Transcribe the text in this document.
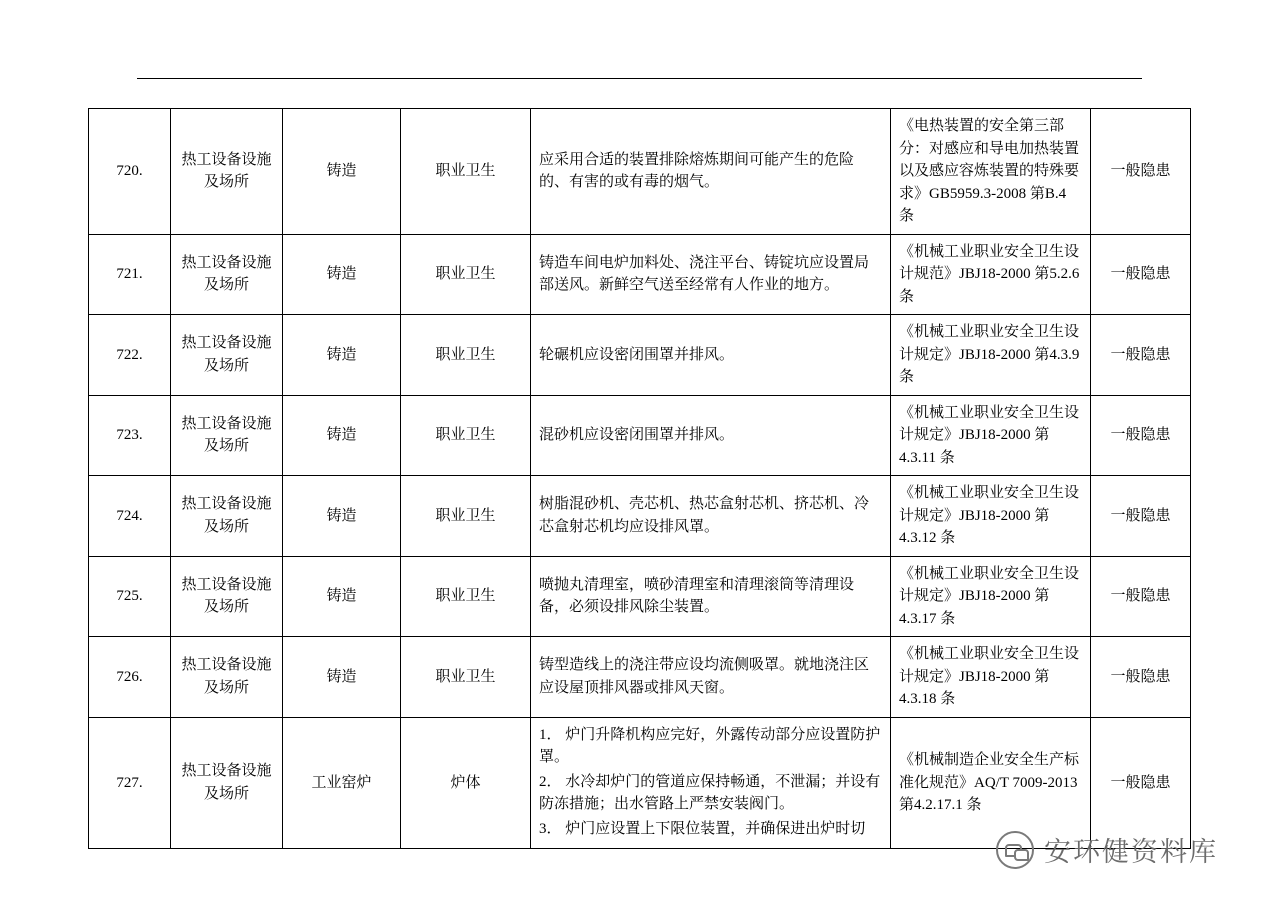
720.	热工设备设施及场所	铸造	职业卫生	应采用合适的装置排除熔炼期间可能产生的危险的、有害的或有毒的烟气。	《电热装置的安全第三部分：对感应和导电加热装置以及感应容炼装置的特殊要求》GB5959.3-2008 第B.4 条	一般隐患
721.	热工设备设施及场所	铸造	职业卫生	铸造车间电炉加料处、浇注平台、铸锭坑应设置局部送风。新鲜空气送至经常有人作业的地方。	《机械工业职业安全卫生设计规范》JBJ18-2000 第5.2.6 条	一般隐患
722.	热工设备设施及场所	铸造	职业卫生	轮碾机应设密闭围罩并排风。	《机械工业职业安全卫生设计规定》JBJ18-2000 第4.3.9 条	一般隐患
723.	热工设备设施及场所	铸造	职业卫生	混砂机应设密闭围罩并排风。	《机械工业职业安全卫生设计规定》JBJ18-2000 第4.3.11 条	一般隐患
724.	热工设备设施及场所	铸造	职业卫生	树脂混砂机、壳芯机、热芯盒射芯机、挤芯机、冷芯盒射芯机均应设排风罩。	《机械工业职业安全卫生设计规定》JBJ18-2000 第4.3.12 条	一般隐患
725.	热工设备设施及场所	铸造	职业卫生	喷抛丸清理室，喷砂清理室和清理滚筒等清理设备，必须设排风除尘装置。	《机械工业职业安全卫生设计规定》JBJ18-2000 第4.3.17 条	一般隐患
726.	热工设备设施及场所	铸造	职业卫生	铸型造线上的浇注带应设均流侧吸罩。就地浇注区应设屋顶排风器或排风天窗。	《机械工业职业安全卫生设计规定》JBJ18-2000 第4.3.18 条	一般隐患
727.	热工设备设施及场所	工业窑炉	炉体	
1． 炉门升降机构应完好，外露传动部分应设置防护罩。
2． 水冷却炉门的管道应保持畅通，不泄漏；并设有防冻措施；出水管路上严禁安装阀门。
3． 炉门应设置上下限位装置，并确保进出炉时切
	《机械制造企业安全生产标准化规范》AQ/T 7009-2013 第4.2.17.1 条	一般隐患
安环健资料库
